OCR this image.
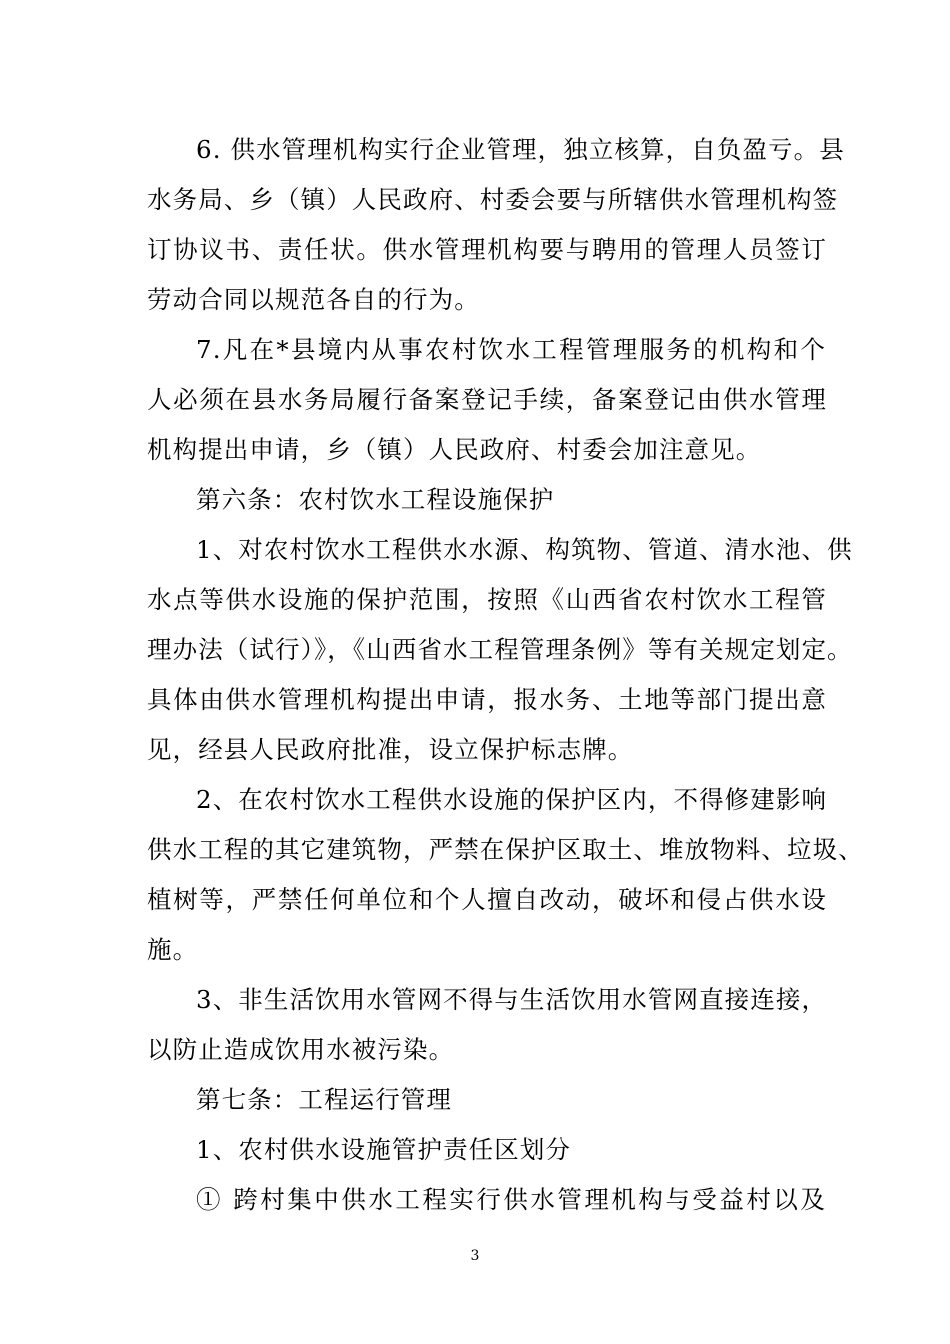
6. 供水管理机构实行企业管理，独立核算，自负盈亏。县
水务局、乡（镇）人民政府、村委会要与所辖供水管理机构签
订协议书、责任状。供水管理机构要与聘用的管理人员签订
劳动合同以规范各自的行为。
7.凡在*县境内从事农村饮水工程管理服务的机构和个
人必须在县水务局履行备案登记手续，备案登记由供水管理
机构提出申请，乡（镇）人民政府、村委会加注意见。
第六条：农村饮水工程设施保护
1、对农村饮水工程供水水源、构筑物、管道、清水池、供
水点等供水设施的保护范围，按照《山西省农村饮水工程管
理办法（试行）》，《山西省水工程管理条例》等有关规定划定。
具体由供水管理机构提出申请，报水务、土地等部门提出意
见，经县人民政府批准，设立保护标志牌。
2、在农村饮水工程供水设施的保护区内，不得修建影响
供水工程的其它建筑物，严禁在保护区取土、堆放物料、垃圾、
植树等，严禁任何单位和个人擅自改动，破坏和侵占供水设
施。
3、非生活饮用水管网不得与生活饮用水管网直接连接，
以防止造成饮用水被污染。
第七条：工程运行管理
1、农村供水设施管护责任区划分
① 跨村集中供水工程实行供水管理机构与受益村以及
3
